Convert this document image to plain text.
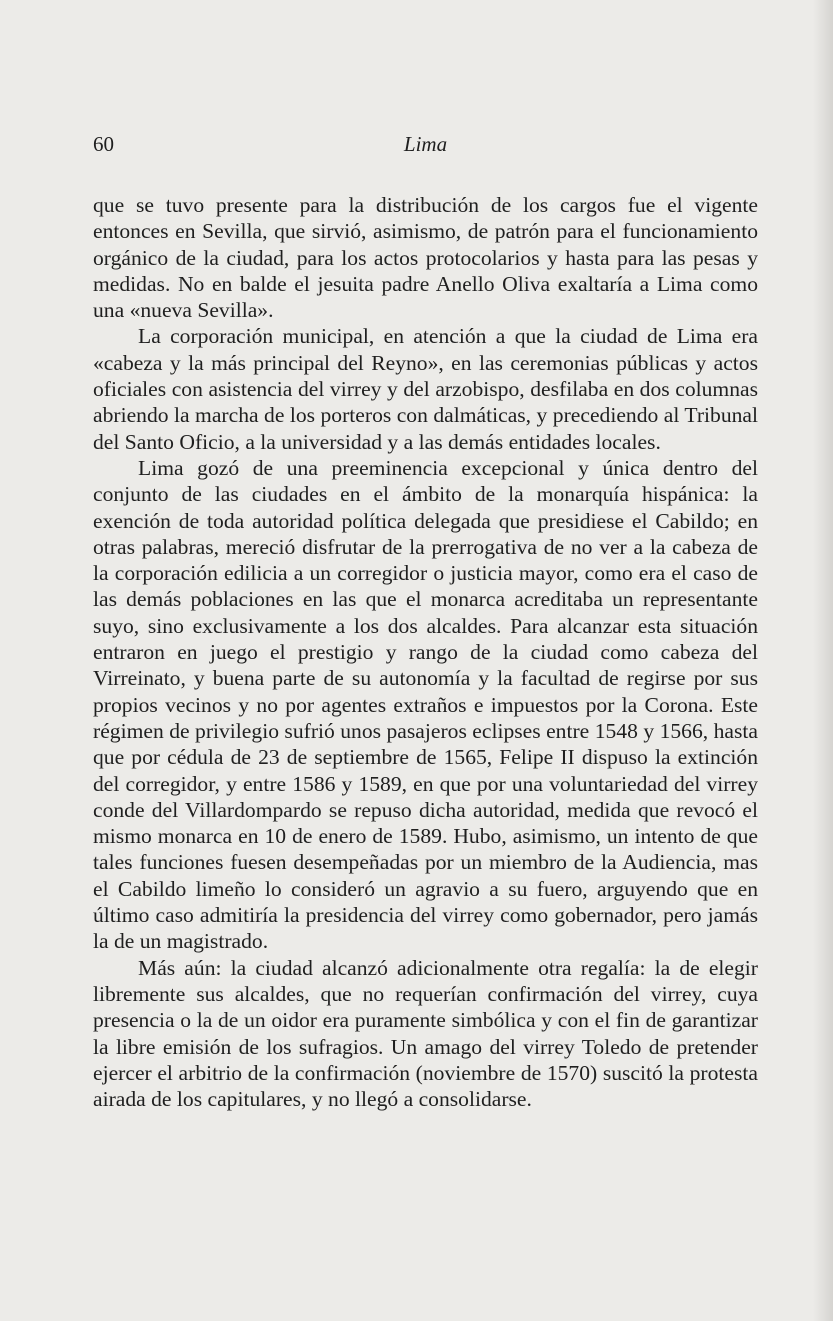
60	Lima

que se tuvo presente para la distribución de los cargos fue el vigente entonces en Sevilla, que sirvió, asimismo, de patrón para el funcionamiento orgánico de la ciudad, para los actos protocolarios y hasta para las pesas y medidas. No en balde el jesuita padre Anello Oliva exaltaría a Lima como una «nueva Sevilla».

La corporación municipal, en atención a que la ciudad de Lima era «cabeza y la más principal del Reyno», en las ceremonias públicas y actos oficiales con asistencia del virrey y del arzobispo, desfilaba en dos columnas abriendo la marcha de los porteros con dalmáticas, y precediendo al Tribunal del Santo Oficio, a la universidad y a las demás entidades locales.

Lima gozó de una preeminencia excepcional y única dentro del conjunto de las ciudades en el ámbito de la monarquía hispánica: la exención de toda autoridad política delegada que presidiese el Cabildo; en otras palabras, mereció disfrutar de la prerrogativa de no ver a la cabeza de la corporación edilicia a un corregidor o justicia mayor, como era el caso de las demás poblaciones en las que el monarca acreditaba un representante suyo, sino exclusivamente a los dos alcaldes. Para alcanzar esta situación entraron en juego el prestigio y rango de la ciudad como cabeza del Virreinato, y buena parte de su autonomía y la facultad de regirse por sus propios vecinos y no por agentes extraños e impuestos por la Corona. Este régimen de privilegio sufrió unos pasajeros eclipses entre 1548 y 1566, hasta que por cédula de 23 de septiembre de 1565, Felipe II dispuso la extinción del corregidor, y entre 1586 y 1589, en que por una voluntariedad del virrey conde del Villardompardo se repuso dicha autoridad, medida que revocó el mismo monarca en 10 de enero de 1589. Hubo, asimismo, un intento de que tales funciones fuesen desempeñadas por un miembro de la Audiencia, mas el Cabildo limeño lo consideró un agravio a su fuero, arguyendo que en último caso admitiría la presidencia del virrey como gobernador, pero jamás la de un magistrado.

Más aún: la ciudad alcanzó adicionalmente otra regalía: la de elegir libremente sus alcaldes, que no requerían confirmación del virrey, cuya presencia o la de un oidor era puramente simbólica y con el fin de garantizar la libre emisión de los sufragios. Un amago del virrey Toledo de pretender ejercer el arbitrio de la confirmación (noviembre de 1570) suscitó la protesta airada de los capitulares, y no llegó a consolidarse.
